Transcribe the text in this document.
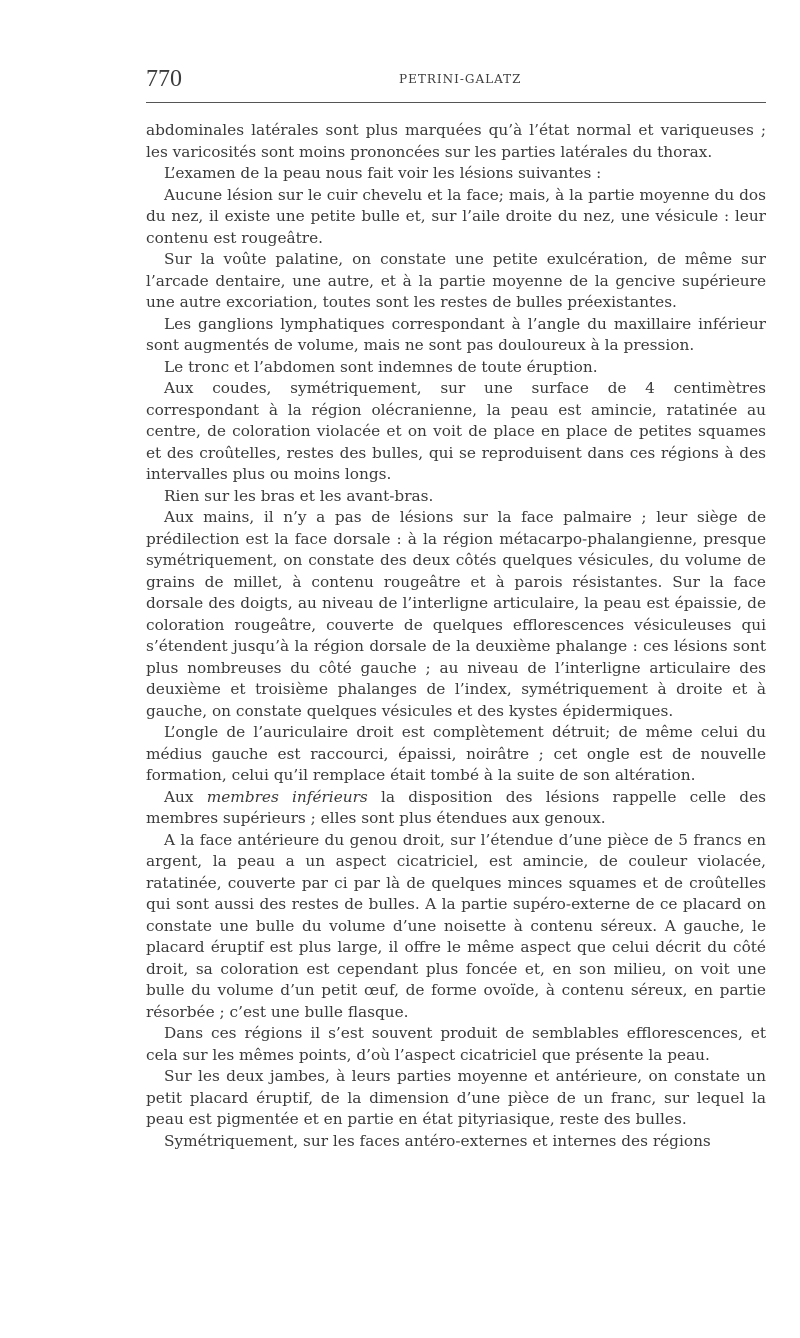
770	PETRINI-GALATZ

abdominales latérales sont plus marquées qu’à l’état normal et variqueuses ; les varicosités sont moins prononcées sur les parties latérales du thorax.

L’examen de la peau nous fait voir les lésions suivantes :

Aucune lésion sur le cuir chevelu et la face; mais, à la partie moyenne du dos du nez, il existe une petite bulle et, sur l’aile droite du nez, une vésicule : leur contenu est rougeâtre.

Sur la voûte palatine, on constate une petite exulcération, de même sur l’arcade dentaire, une autre, et à la partie moyenne de la gencive supérieure une autre excoriation, toutes sont les restes de bulles préexistantes.

Les ganglions lymphatiques correspondant à l’angle du maxillaire inférieur sont augmentés de volume, mais ne sont pas douloureux à la pression.

Le tronc et l’abdomen sont indemnes de toute éruption.

Aux coudes, symétriquement, sur une surface de 4 centimètres correspondant à la région olécranienne, la peau est amincie, ratatinée au centre, de coloration violacée et on voit de place en place de petites squames et des croûtelles, restes des bulles, qui se reproduisent dans ces régions à des intervalles plus ou moins longs.

Rien sur les bras et les avant-bras.

Aux mains, il n’y a pas de lésions sur la face palmaire ; leur siège de prédilection est la face dorsale : à la région métacarpo-phalangienne, presque symétriquement, on constate des deux côtés quelques vésicules, du volume de grains de millet, à contenu rougeâtre et à parois résistantes. Sur la face dorsale des doigts, au niveau de l’interligne articulaire, la peau est épaissie, de coloration rougeâtre, couverte de quelques efflorescences vésiculeuses qui s’étendent jusqu’à la région dorsale de la deuxième phalange : ces lésions sont plus nombreuses du côté gauche ; au niveau de l’interligne articulaire des deuxième et troisième phalanges de l’index, symétriquement à droite et à gauche, on constate quelques vésicules et des kystes épidermiques.

L’ongle de l’auriculaire droit est complètement détruit; de même celui du médius gauche est raccourci, épaissi, noirâtre ; cet ongle est de nouvelle formation, celui qu’il remplace était tombé à la suite de son altération.

Aux membres inférieurs la disposition des lésions rappelle celle des membres supérieurs ; elles sont plus étendues aux genoux.

A la face antérieure du genou droit, sur l’étendue d’une pièce de 5 francs en argent, la peau a un aspect cicatriciel, est amincie, de couleur violacée, ratatinée, couverte par ci par là de quelques minces squames et de croûtelles qui sont aussi des restes de bulles. A la partie supéro-externe de ce placard on constate une bulle du volume d’une noisette à contenu séreux. A gauche, le placard éruptif est plus large, il offre le même aspect que celui décrit du côté droit, sa coloration est cependant plus foncée et, en son milieu, on voit une bulle du volume d’un petit œuf, de forme ovoïde, à contenu séreux, en partie résorbée ; c’est une bulle flasque.

Dans ces régions il s’est souvent produit de semblables efflorescences, et cela sur les mêmes points, d’où l’aspect cicatriciel que présente la peau.

Sur les deux jambes, à leurs parties moyenne et antérieure, on constate un petit placard éruptif, de la dimension d’une pièce de un franc, sur lequel la peau est pigmentée et en partie en état pityriasique, reste des bulles.

Symétriquement, sur les faces antéro-externes et internes des régions
